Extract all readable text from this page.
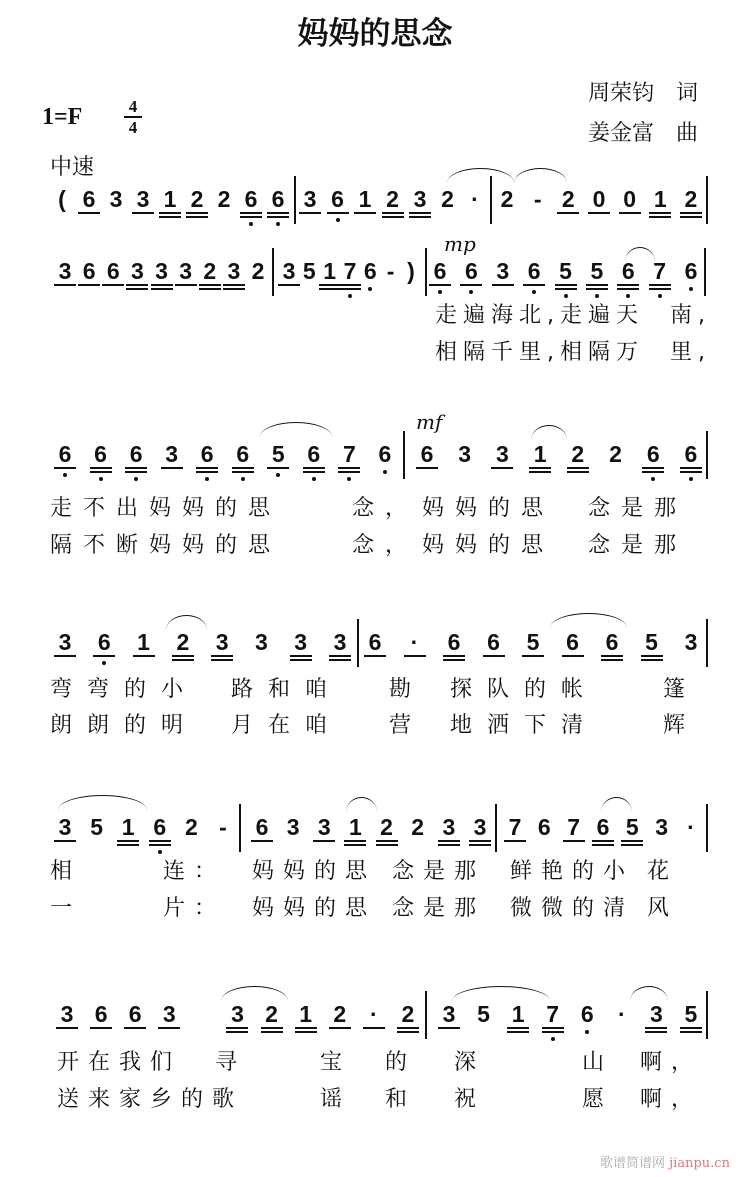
妈妈的思念
周荣钧　词
姜金富　曲
1=F	4
4
中速
mp
mf
歌谱简谱网 jianpu.cn
( 6 3 3 1 2 2 6 6 3 6 1 2 3 2 · 2 - 2 0 0 1 2
3 6 6 3 3 3 2 3 2 3 5 1 7 6 - ) 6 6 3 6 5 5 6 7 6
走遍海北,走遍天 南,
相隔千里,相隔万 里,
6 6 6 3 6 6 5 6 7 6 6 3 3 1 2 2 6 6
走不出妈妈的思	念， 妈妈的思 念是那
隔不断妈妈的思	念， 妈妈的思 念是那
3 6 1 2 3 3 3 3 6 · 6 6 5 6 6 5 3
弯弯的小 路和咱 勘 探队的帐	篷
朗朗的明 月在咱 营 地洒下清	辉
3 5 1 6 2 - 6 3 3 1 2 2 3 3 7 6 7 6 5 3 ·
相	连： 妈妈的思 念是那 鲜艳的小 花
一	片： 妈妈的思 念是那 微微的清 风
3 6 6 3 3 2 1 2 · 2 3 5 1 7 6 · 3 5
开在我们 寻	宝 的 深	山 啊，
送来家乡的歌	谣 和 祝	愿 啊，
